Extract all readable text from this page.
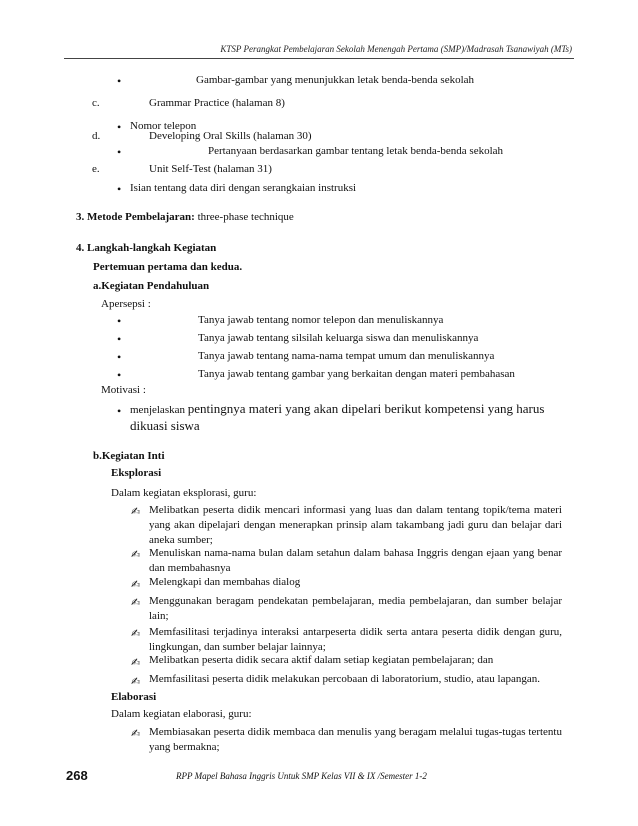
KTSP Perangkat Pembelajaran Sekolah Menengah Pertama (SMP)/Madrasah Tsanawiyah (MTs)
•	Gambar-gambar yang menunjukkan letak benda-benda sekolah
c.	Grammar Practice (halaman 8)
• Nomor telepon
d.	Developing Oral Skills (halaman 30)
•	Pertanyaan berdasarkan gambar tentang letak benda-benda sekolah
e.	Unit Self-Test (halaman 31)
• Isian tentang data diri dengan serangkaian instruksi
3. Metode Pembelajaran: three-phase technique
4. Langkah-langkah Kegiatan
Pertemuan pertama dan kedua.
a.Kegiatan Pendahuluan
Apersepsi :
•	Tanya jawab tentang nomor telepon dan menuliskannya
•	Tanya jawab tentang silsilah keluarga siswa dan menuliskannya
•	Tanya jawab tentang nama-nama tempat umum dan menuliskannya
•	Tanya jawab tentang gambar yang berkaitan dengan materi pembahasan
Motivasi :
• menjelaskan pentingnya materi yang akan dipelari berikut kompetensi yang harus
dikuasi siswa
b.Kegiatan Inti
Eksplorasi
Dalam kegiatan eksplorasi, guru:
✍ Melibatkan peserta didik mencari informasi yang luas dan dalam tentang topik/tema materi yang akan dipelajari dengan menerapkan prinsip alam takambang jadi guru dan belajar dari aneka sumber;
✍ Menuliskan nama-nama bulan dalam setahun dalam bahasa Inggris dengan ejaan yang benar dan membahasnya
✍ Melengkapi dan membahas dialog
✍ Menggunakan beragam pendekatan pembelajaran, media pembelajaran, dan sumber belajar lain;
✍ Memfasilitasi terjadinya interaksi antarpeserta didik serta antara peserta didik dengan guru, lingkungan, dan sumber belajar lainnya;
✍ Melibatkan peserta didik secara aktif dalam setiap kegiatan pembelajaran; dan
✍ Memfasilitasi peserta didik melakukan percobaan di laboratorium, studio, atau lapangan.
Elaborasi
Dalam kegiatan elaborasi, guru:
✍ Membiasakan peserta didik membaca dan menulis yang beragam melalui tugas-tugas tertentu yang bermakna;
268	RPP Mapel Bahasa Inggris Untuk SMP Kelas VII & IX /Semester 1-2
